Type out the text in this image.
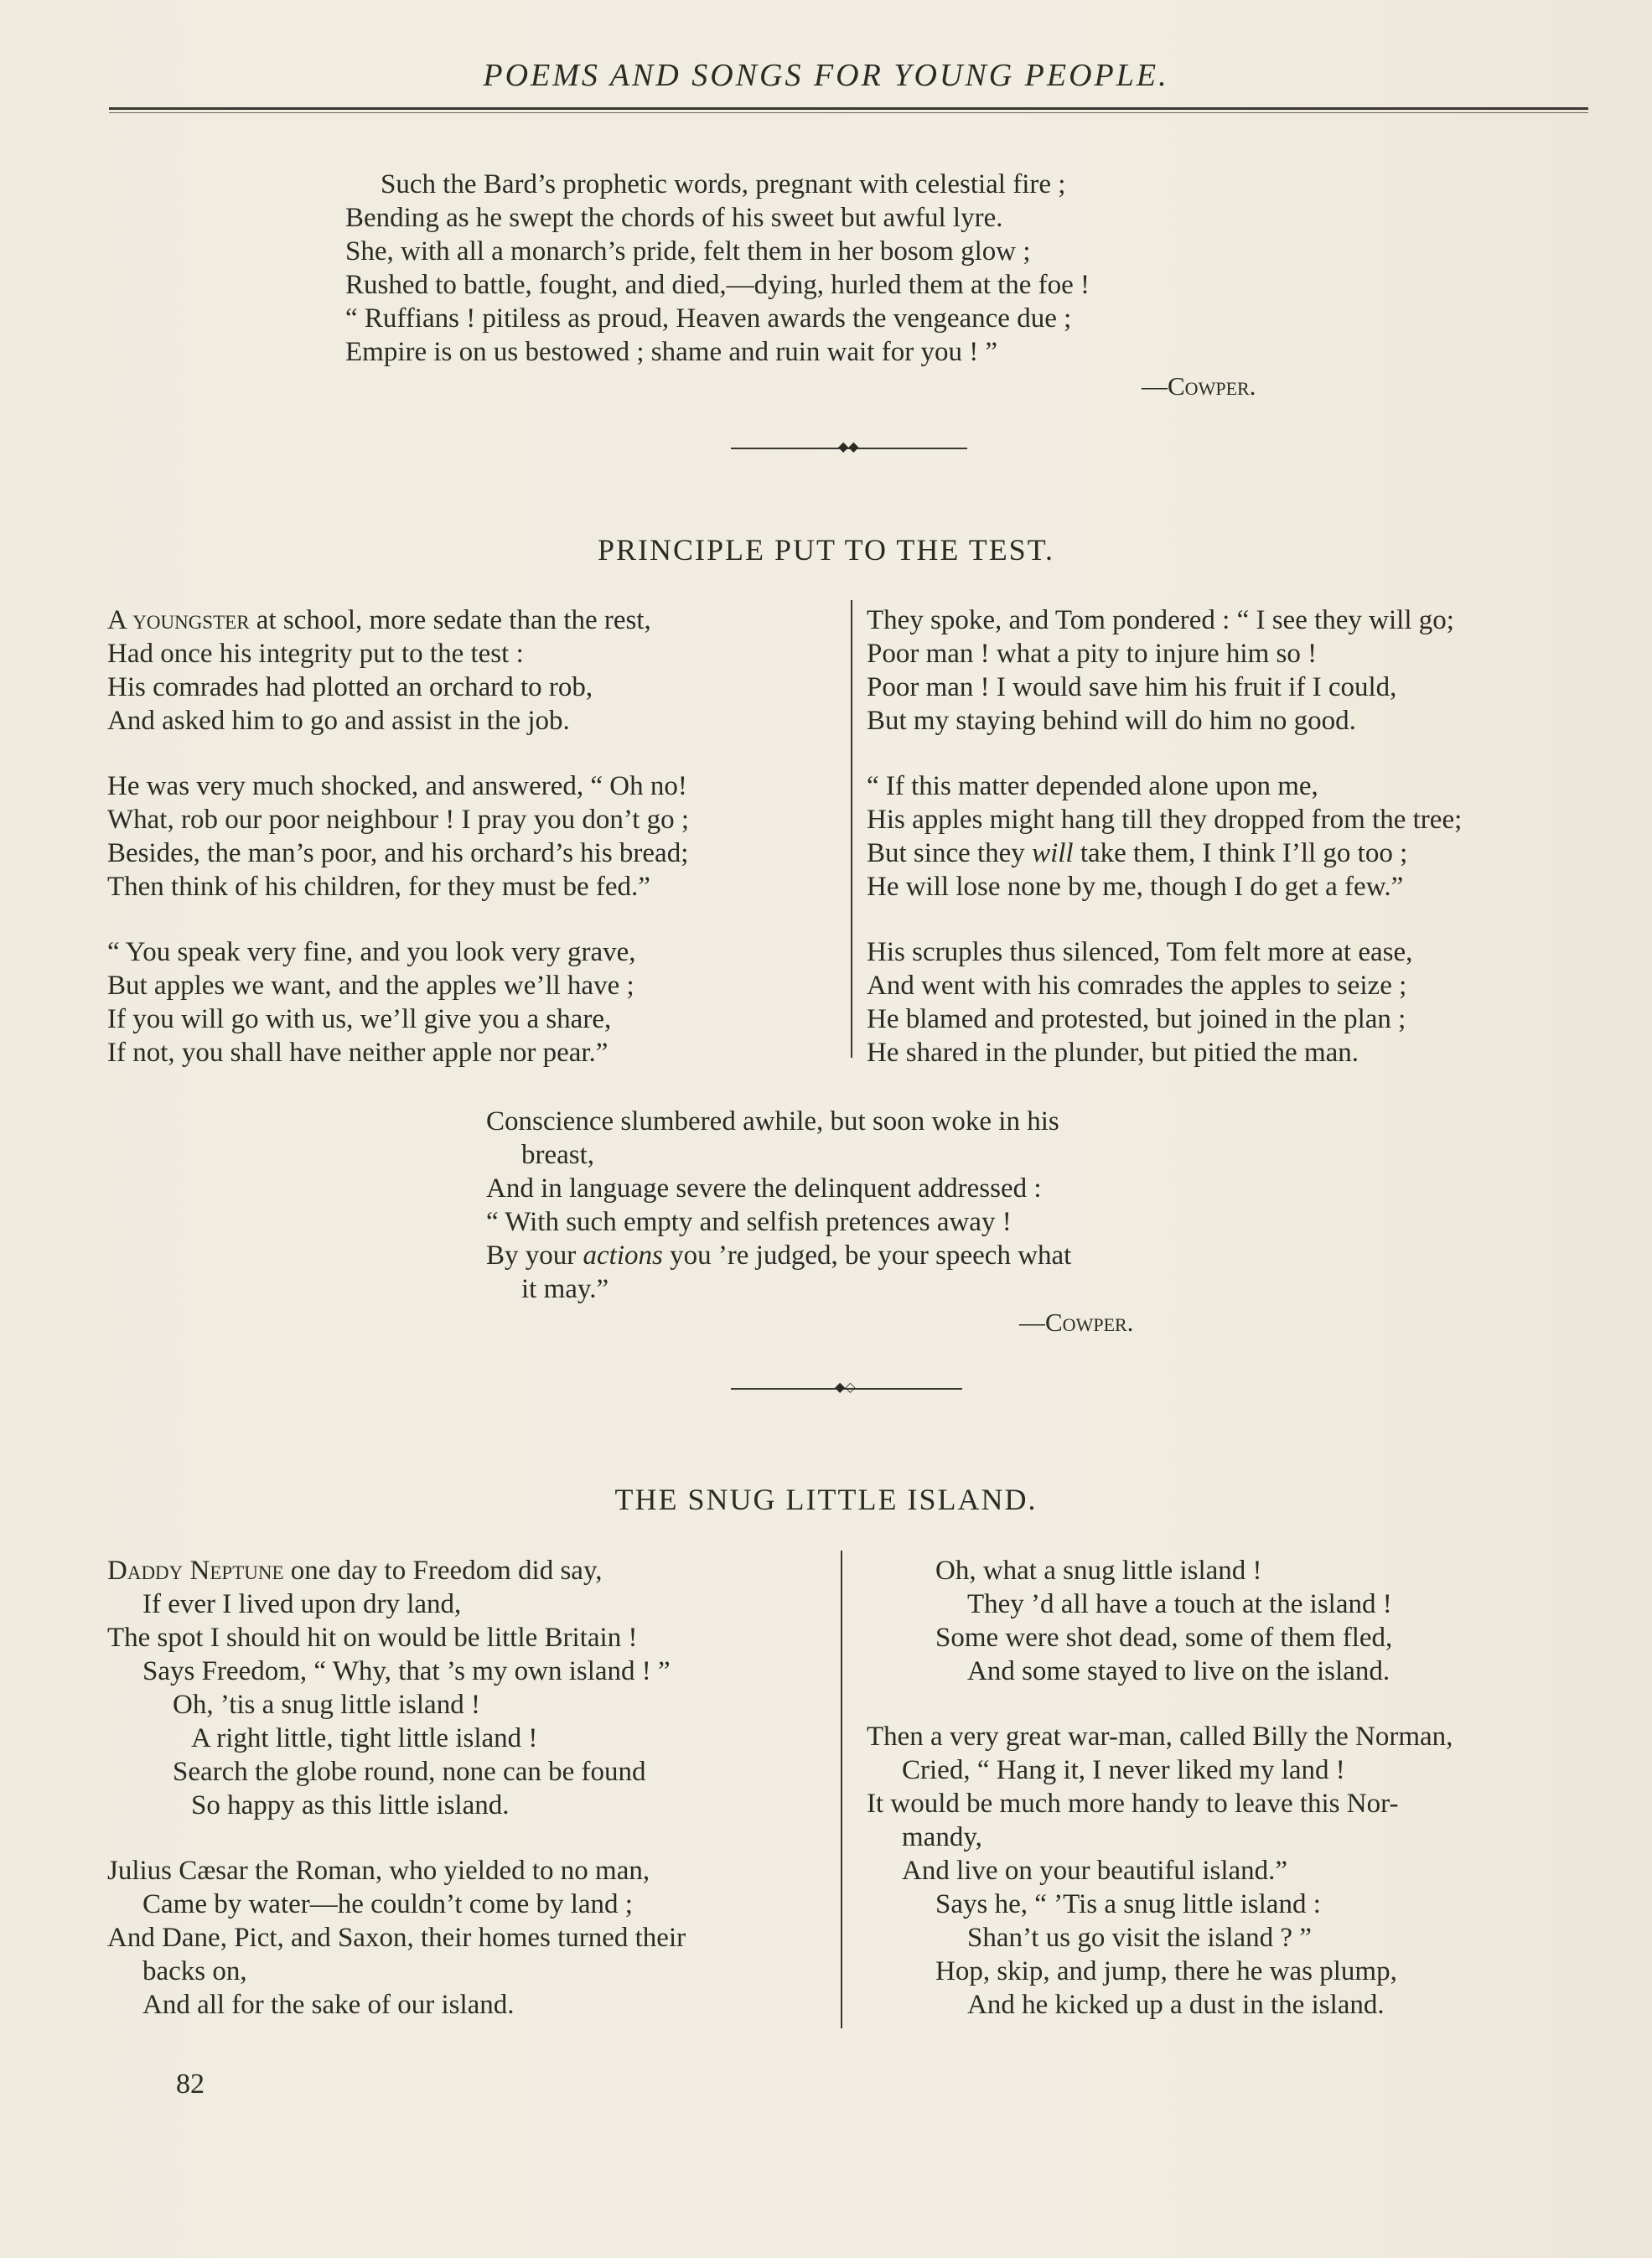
POEMS AND SONGS FOR YOUNG PEOPLE.
Such the Bard’s prophetic words, pregnant with celestial fire ;
Bending as he swept the chords of his sweet but awful lyre.
She, with all a monarch’s pride, felt them in her bosom glow ;
Rushed to battle, fought, and died,—dying, hurled them at the foe !
“ Ruffians ! pitiless as proud, Heaven awards the vengeance due ;
Empire is on us bestowed ; shame and ruin wait for you ! ”
—Cowper.
◆◆
PRINCIPLE PUT TO THE TEST.
A youngster at school, more sedate than the rest,
Had once his integrity put to the test :
His comrades had plotted an orchard to rob,
And asked him to go and assist in the job.
He was very much shocked, and answered, “ Oh no!
What, rob our poor neighbour ! I pray you don’t go ;
Besides, the man’s poor, and his orchard’s his bread;
Then think of his children, for they must be fed.”
“ You speak very fine, and you look very grave,
But apples we want, and the apples we’ll have ;
If you will go with us, we’ll give you a share,
If not, you shall have neither apple nor pear.”
They spoke, and Tom pondered : “ I see they will go;
Poor man ! what a pity to injure him so !
Poor man ! I would save him his fruit if I could,
But my staying behind will do him no good.
“ If this matter depended alone upon me,
His apples might hang till they dropped from the tree;
But since they will take them, I think I’ll go too ;
He will lose none by me, though I do get a few.”
His scruples thus silenced, Tom felt more at ease,
And went with his comrades the apples to seize ;
He blamed and protested, but joined in the plan ;
He shared in the plunder, but pitied the man.
Conscience slumbered awhile, but soon woke in his
breast,
And in language severe the delinquent addressed :
“ With such empty and selfish pretences away !
By your actions you ’re judged, be your speech what
it may.”
—Cowper.
◆◇
THE SNUG LITTLE ISLAND.
Daddy Neptune one day to Freedom did say,
If ever I lived upon dry land,
The spot I should hit on would be little Britain !
Says Freedom, “ Why, that ’s my own island ! ”
Oh, ’tis a snug little island !
A right little, tight little island !
Search the globe round, none can be found
So happy as this little island.
Julius Cæsar the Roman, who yielded to no man,
Came by water—he couldn’t come by land ;
And Dane, Pict, and Saxon, their homes turned their
backs on,
And all for the sake of our island.
Oh, what a snug little island !
They ’d all have a touch at the island !
Some were shot dead, some of them fled,
And some stayed to live on the island.
Then a very great war-man, called Billy the Norman,
Cried, “ Hang it, I never liked my land !
It would be much more handy to leave this Nor-
mandy,
And live on your beautiful island.”
Says he, “ ’Tis a snug little island :
Shan’t us go visit the island ? ”
Hop, skip, and jump, there he was plump,
And he kicked up a dust in the island.
82
